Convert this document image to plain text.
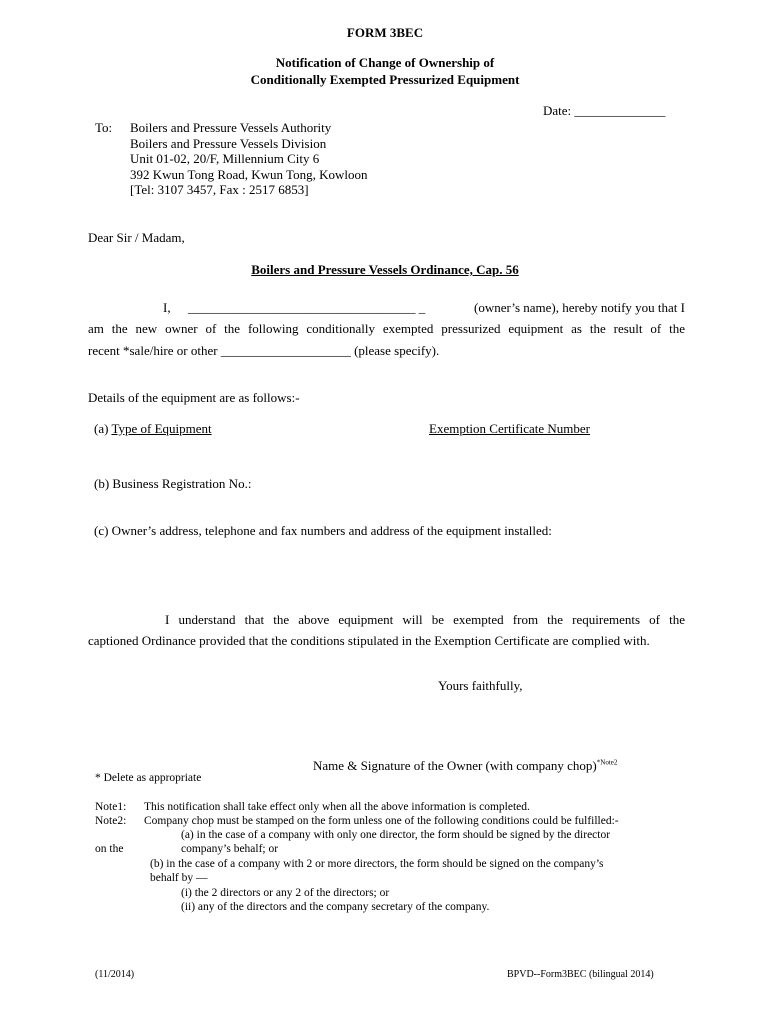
FORM 3BEC
Notification of Change of Ownership of
Conditionally Exempted Pressurized Equipment
Date: ______________
To: Boilers and Pressure Vessels Authority
Boilers and Pressure Vessels Division
Unit 01-02, 20/F, Millennium City 6
392 Kwun Tong Road, Kwun Tong, Kowloon
[Tel: 3107 3457, Fax : 2517 6853]
Dear Sir / Madam,
Boilers and Pressure Vessels Ordinance, Cap. 56
I, ___________________________________ _	(owner’s name), hereby notify you that I
am the new owner of the following conditionally exempted pressurized equipment as the result of the
recent *sale/hire or other ____________________ (please specify).
Details of the equipment are as follows:-
(a) Type of Equipment	Exemption Certificate Number
(b) Business Registration No.:
(c) Owner’s address, telephone and fax numbers and address of the equipment installed:
I understand that the above equipment will be exempted from the requirements of the
captioned Ordinance provided that the conditions stipulated in the Exemption Certificate are complied with.
Yours faithfully,
Name & Signature of the Owner (with company chop)$^{*Note2}$
* Delete as appropriate
Note1: This notification shall take effect only when all the above information is completed.
Note2: Company chop must be stamped on the form unless one of the following conditions could be fulfilled:-
(a) in the case of a company with only one director, the form should be signed by the director
on the	company’s behalf; or
(b) in the case of a company with 2 or more directors, the form should be signed on the company’s
behalf by —
(i) the 2 directors or any 2 of the directors; or
(ii) any of the directors and the company secretary of the company.
(11/2014)	BPVD--Form3BEC (bilingual 2014)
